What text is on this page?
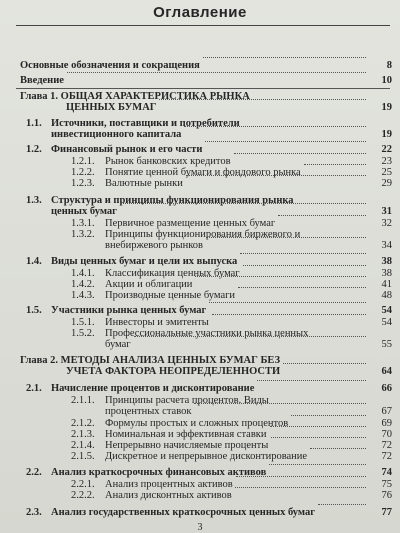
Оглавление
Основные обозначения и сокращения	8
Введение	10
Глава 1. ОБЩАЯ ХАРАКТЕРИСТИКА РЫНКА
ЦЕННЫХ БУМАГ	19
1.1. Источники, поставщики и потребители
инвестиционного капитала	19
1.2. Финансовый рынок и его части	22
1.2.1. Рынок банковских кредитов	23
1.2.2. Понятие ценной бумаги и фондового рынка	25
1.2.3. Валютные рынки	29
1.3. Структура и принципы функционирования рынка
ценных бумаг	31
1.3.1. Первичное размещение ценных бумаг	32
1.3.2. Принципы функционирования биржевого и
внебиржевого рынков	34
1.4. Виды ценных бумаг и цели их выпуска	38
1.4.1. Классификация ценных бумаг	38
1.4.2. Акции и облигации	41
1.4.3. Производные ценные бумаги	48
1.5. Участники рынка ценных бумаг	54
1.5.1. Инвесторы и эмитенты	54
1.5.2. Профессиональные участники рынка ценных
бумаг	55
Глава 2. МЕТОДЫ АНАЛИЗА ЦЕННЫХ БУМАГ БЕЗ
УЧЕТА ФАКТОРА НЕОПРЕДЕЛЕННОСТИ	64
2.1. Начисление процентов и дисконтирование	66
2.1.1. Принципы расчета процентов. Виды
процентных ставок	67
2.1.2. Формулы простых и сложных процентов	69
2.1.3. Номинальная и эффективная ставки	70
2.1.4. Непрерывно начисляемые проценты	72
2.1.5. Дискретное и непрерывное дисконтирование	72
2.2. Анализ краткосрочных финансовых активов	74
2.2.1. Анализ процентных активов	75
2.2.2. Анализ дисконтных активов	76
2.3. Анализ государственных краткосрочных ценных бумаг	77
3
